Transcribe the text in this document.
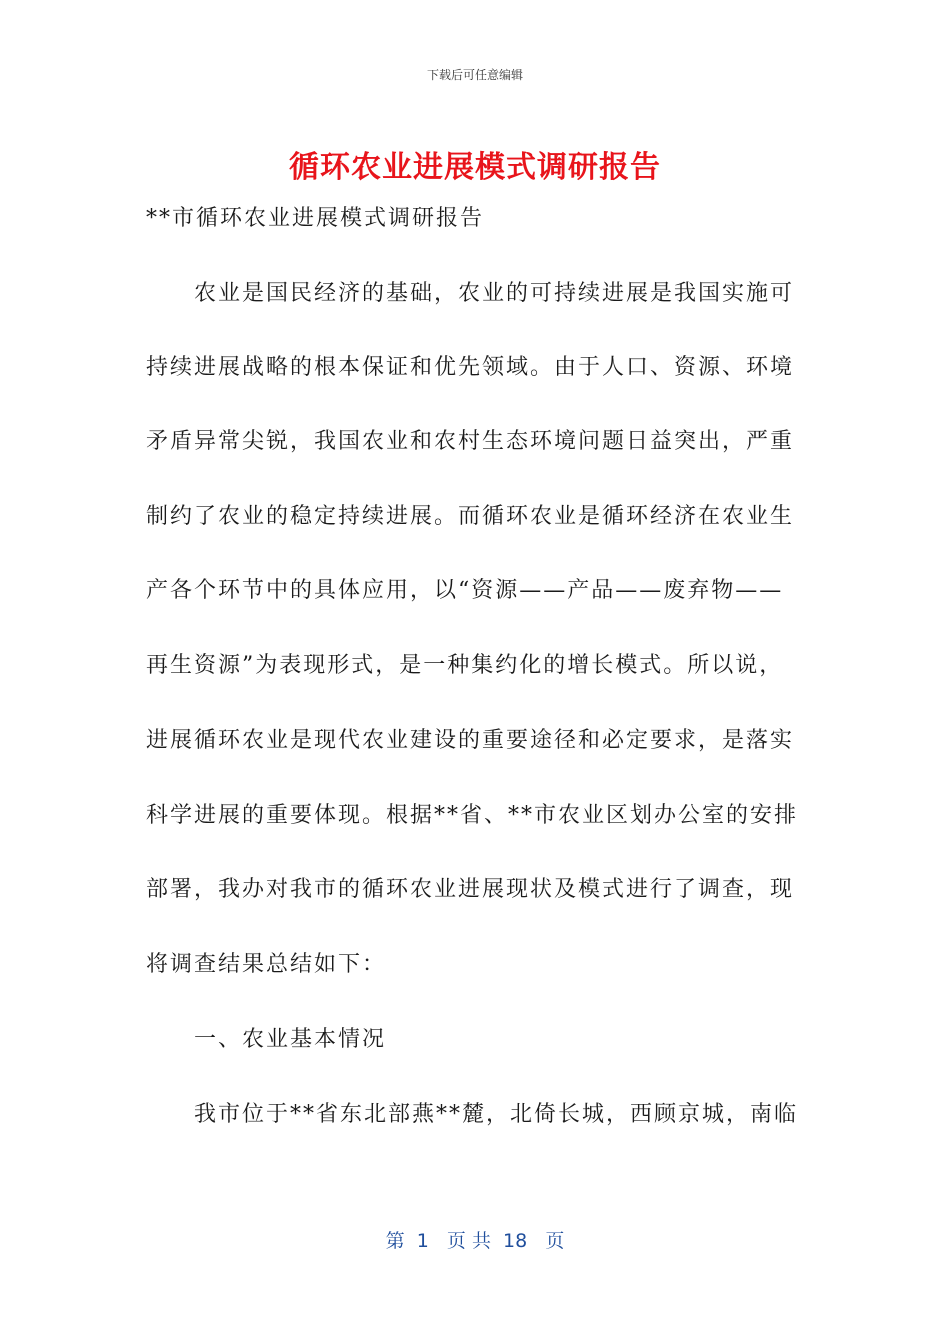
下载后可任意编辑
循环农业进展模式调研报告
**市循环农业进展模式调研报告
农业是国民经济的基础，农业的可持续进展是我国实施可
持续进展战略的根本保证和优先领域。由于人口、资源、环境
矛盾异常尖锐，我国农业和农村生态环境问题日益突出，严重
制约了农业的稳定持续进展。而循环农业是循环经济在农业生
产各个环节中的具体应用，以“资源——产品——废弃物——
再生资源”为表现形式，是一种集约化的增长模式。所以说，
进展循环农业是现代农业建设的重要途径和必定要求，是落实
科学进展的重要体现。根据**省、**市农业区划办公室的安排
部署，我办对我市的循环农业进展现状及模式进行了调查，现
将调查结果总结如下：
一、农业基本情况
我市位于**省东北部燕**麓，北倚长城，西顾京城，南临
第  1   页 共  18   页
